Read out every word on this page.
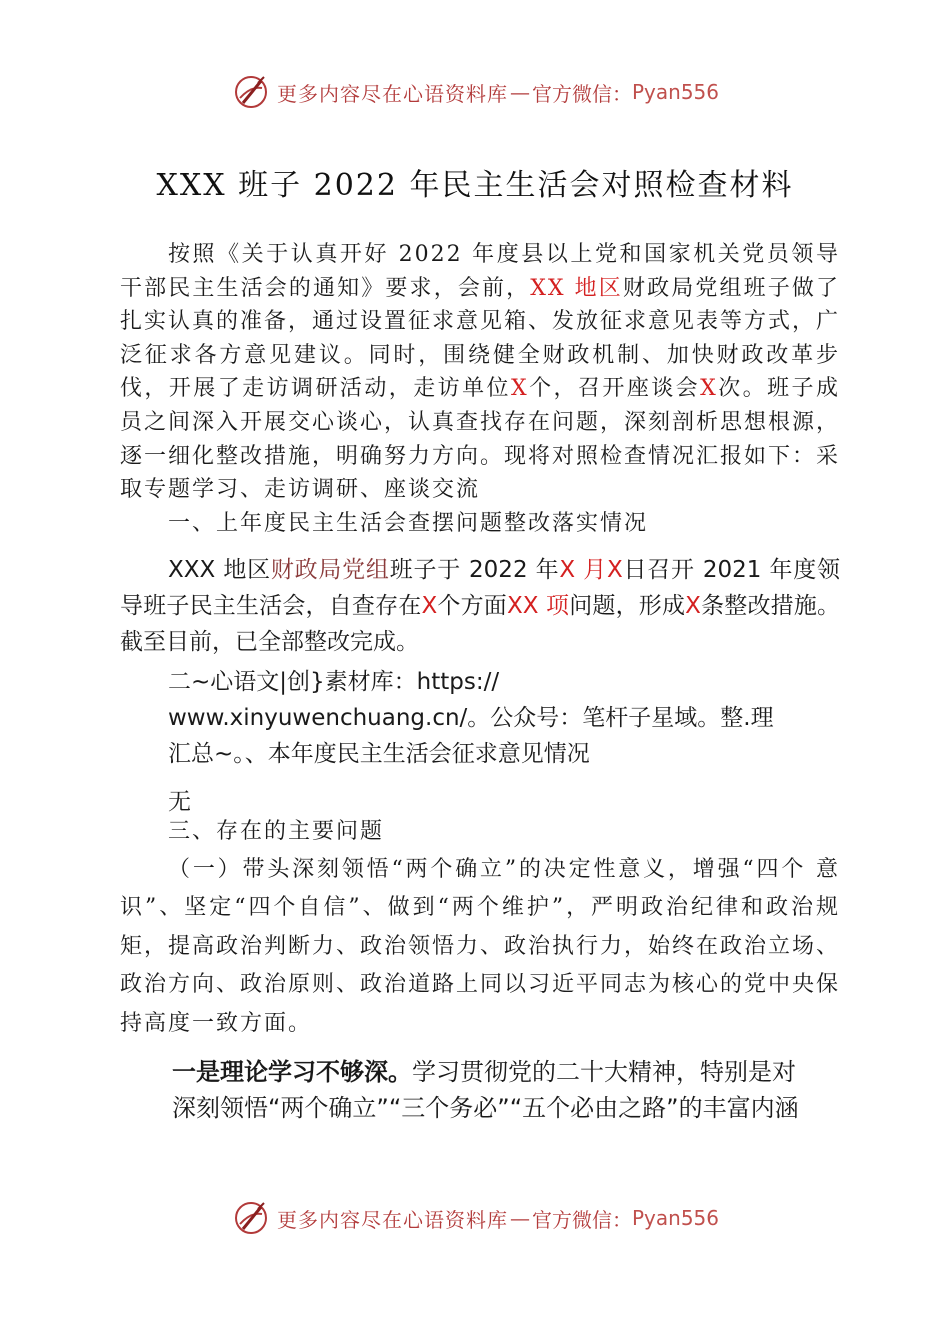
更多内容尽在心语资料库 — 官方微信： Pyan556
XXX 班子 2022 年民主生活会对照检查材料

按照《关于认真开好 2022 年度县以上党和国家机关党员领导干部民主生活会的通知》要求，会前，XX 地区财政局党组班子做了扎实认真的准备，通过设置征求意见箱、发放征求意见表等方式，广泛征求各方意见建议。同时，围绕健全财政机制、加快财政改革步伐，开展了走访调研活动，走访单位X个，召开座谈会X次。班子成员之间深入开展交心谈心，认真查找存在问题，深刻剖析思想根源，逐一细化整改措施，明确努力方向。现将对照检查情况汇报如下：采取专题学习、走访调研、座谈交流

一、上年度民主生活会查摆问题整改落实情况

XXX 地区财政局党组班子于 2022 年X 月X日召开 2021 年度领导班子民主生活会，自查存在X个方面XX 项问题，形成X条整改措施。截至目前，已全部整改完成。

二~心语文|创}素材库：https://
www.xinyuwenchuang.cn/。公众号：笔杆子星域。整.理
汇总~。、本年度民主生活会征求意见情况

无

三、存在的主要问题

（一）带头深刻领悟“两个确立”的决定性意义，增强“四个 意识”、坚定“四个自信”、做到“两个维护”，严明政治纪律和政治规矩，提高政治判断力、政治领悟力、政治执行力，始终在政治立场、政治方向、政治原则、政治道路上同以习近平同志为核心的党中央保持高度一致方面。

一是理论学习不够深。学习贯彻党的二十大精神，特别是对
深刻领悟“两个确立”“三个务必”“五个必由之路”的丰富内涵

更多内容尽在心语资料库 — 官方微信： Pyan556
